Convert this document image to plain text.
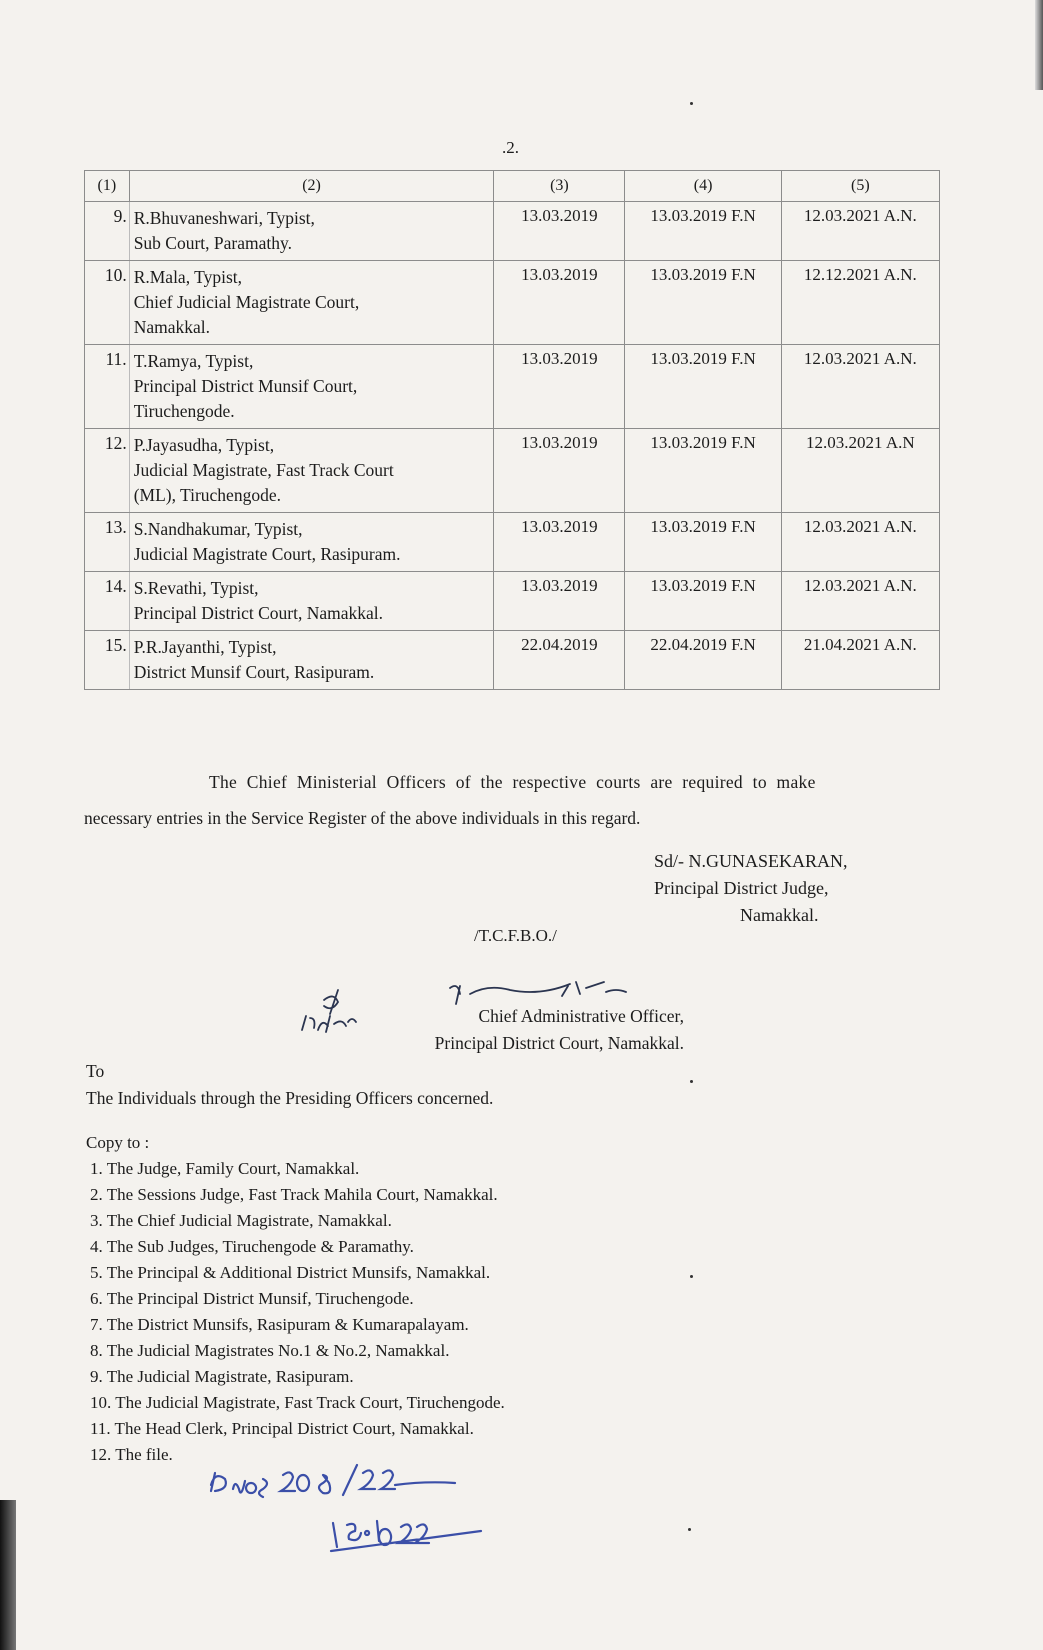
.2.
(1)	(2)	(3)	(4)	(5)
9.	R.Bhuvaneshwari, Typist,
Sub Court, Paramathy.	13.03.2019	13.03.2019 F.N	12.03.2021 A.N.
10.	R.Mala, Typist,
Chief Judicial Magistrate Court,
Namakkal.	13.03.2019	13.03.2019 F.N	12.12.2021 A.N.
11.	T.Ramya, Typist,
Principal District Munsif Court,
Tiruchengode.	13.03.2019	13.03.2019 F.N	12.03.2021 A.N.
12.	P.Jayasudha, Typist,
Judicial Magistrate, Fast Track Court
(ML), Tiruchengode.	13.03.2019	13.03.2019 F.N	12.03.2021 A.N
13.	S.Nandhakumar, Typist,
Judicial Magistrate Court, Rasipuram.	13.03.2019	13.03.2019 F.N	12.03.2021 A.N.
14.	S.Revathi, Typist,
Principal District Court, Namakkal.	13.03.2019	13.03.2019 F.N	12.03.2021 A.N.
15.	P.R.Jayanthi, Typist,
District Munsif Court, Rasipuram.	22.04.2019	22.04.2019 F.N	21.04.2021 A.N.
The Chief Ministerial Officers of the respective courts are required to make
necessary entries in the Service Register of the above individuals in this regard.
Sd/- N.GUNASEKARAN,
Principal District Judge,
Namakkal.
/T.C.F.B.O./
Chief Administrative Officer,
Principal District Court, Namakkal.
To
The Individuals through the Presiding Officers concerned.
Copy to :
1. The Judge, Family Court, Namakkal.
2. The Sessions Judge, Fast Track Mahila Court, Namakkal.
3. The Chief Judicial Magistrate, Namakkal.
4. The Sub Judges, Tiruchengode & Paramathy.
5. The Principal & Additional District Munsifs, Namakkal.
6. The Principal District Munsif, Tiruchengode.
7. The District Munsifs, Rasipuram & Kumarapalayam.
8. The Judicial Magistrates No.1 & No.2, Namakkal.
9. The Judicial Magistrate, Rasipuram.
10. The Judicial Magistrate, Fast Track Court, Tiruchengode.
11. The Head Clerk, Principal District Court, Namakkal.
12. The file.
